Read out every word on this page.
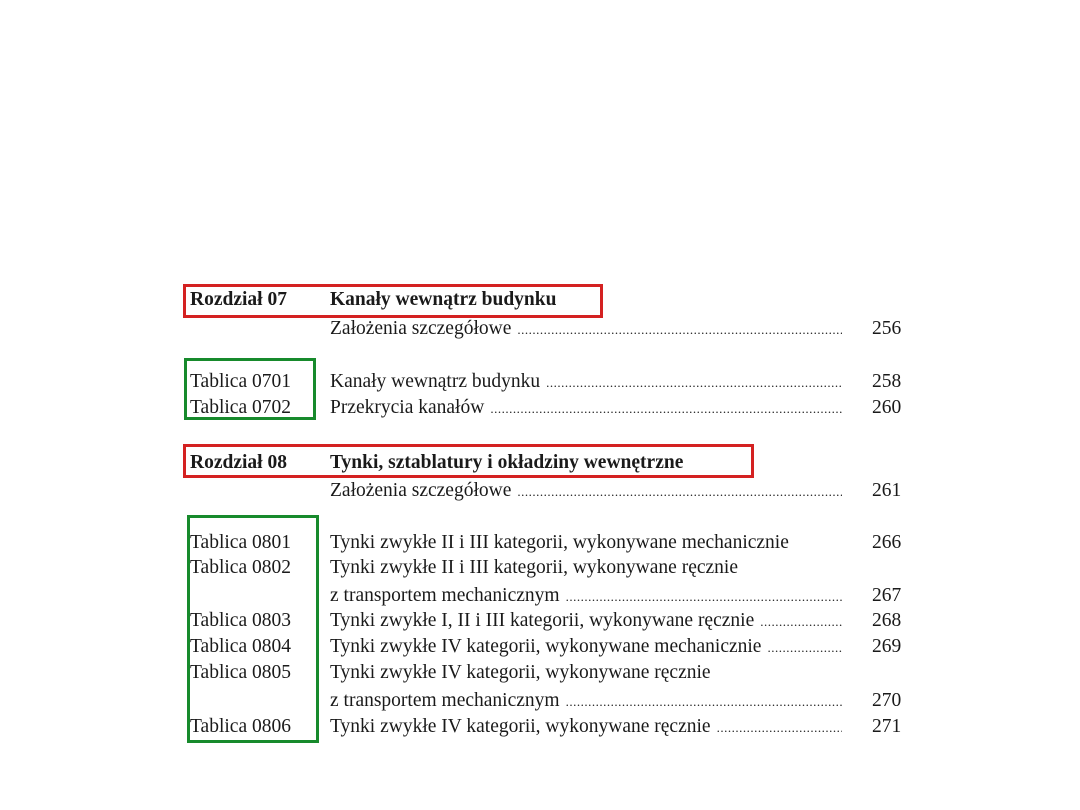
Rozdział 07 Kanały wewnątrz budynku
Założenia szczegółowe .....	256
Tablica 0701 Kanały wewnątrz budynku .....	258
Tablica 0702 Przekrycia kanałów .....	260
Rozdział 08 Tynki, sztablatury i okładziny wewnętrzne
Założenia szczegółowe .....	261
Tablica 0801 Tynki zwykłe II i III kategorii, wykonywane mechanicznie	266
Tablica 0802 Tynki zwykłe II i III kategorii, wykonywane ręcznie
z transportem mechanicznym .....	267
Tablica 0803 Tynki zwykłe I, II i III kategorii, wykonywane ręcznie .....	268
Tablica 0804 Tynki zwykłe IV kategorii, wykonywane mechanicznie .....	269
Tablica 0805 Tynki zwykłe IV kategorii, wykonywane ręcznie
z transportem mechanicznym .....	270
Tablica 0806 Tynki zwykłe IV kategorii, wykonywane ręcznie .....	271
